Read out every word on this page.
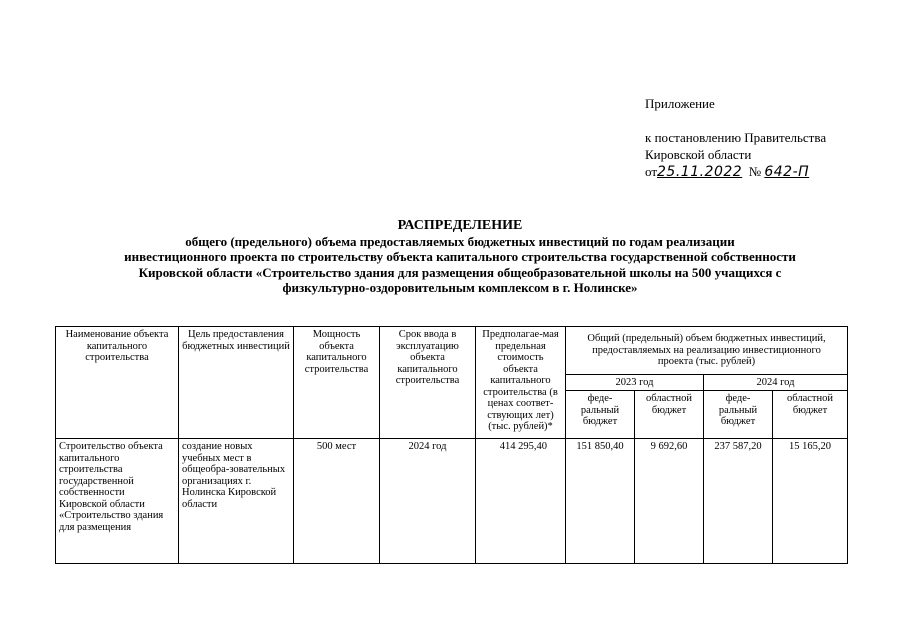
Приложение
к постановлению Правительства
Кировской области
от25.11.2022 № 642-П
РАСПРЕДЕЛЕНИЕ
общего (предельного) объема предоставляемых бюджетных инвестиций по годам реализации
инвестиционного проекта по строительству объекта капитального строительства государственной собственности
Кировской области «Строительство здания для размещения общеобразовательной школы на 500 учащихся с
физкультурно-оздоровительным комплексом в г. Нолинске»
Наименование объекта капитального строительства	Цель предоставления бюджетных инвестиций	Мощность объекта капитального строительства	Срок ввода в эксплуатацию объекта капитального строительства	Предполагае-мая предельная стоимость объекта капитального строительства (в ценах соответ-ствующих лет) (тыс. рублей)*	Общий (предельный) объем бюджетных инвестиций, предоставляемых на реализацию инвестиционного проекта (тыс. рублей)			
					2023 год		2024 год	
					феде-ральный бюджет	областной бюджет	феде-ральный бюджет	областной бюджет
Строительство объекта капитального строительства государственной собственности Кировской области «Строительство здания для размещения	создание новых учебных мест в общеобра-зовательных организациях г. Нолинска Кировской области	500 мест	2024 год	414 295,40	151 850,40	9 692,60	237 587,20	15 165,20
